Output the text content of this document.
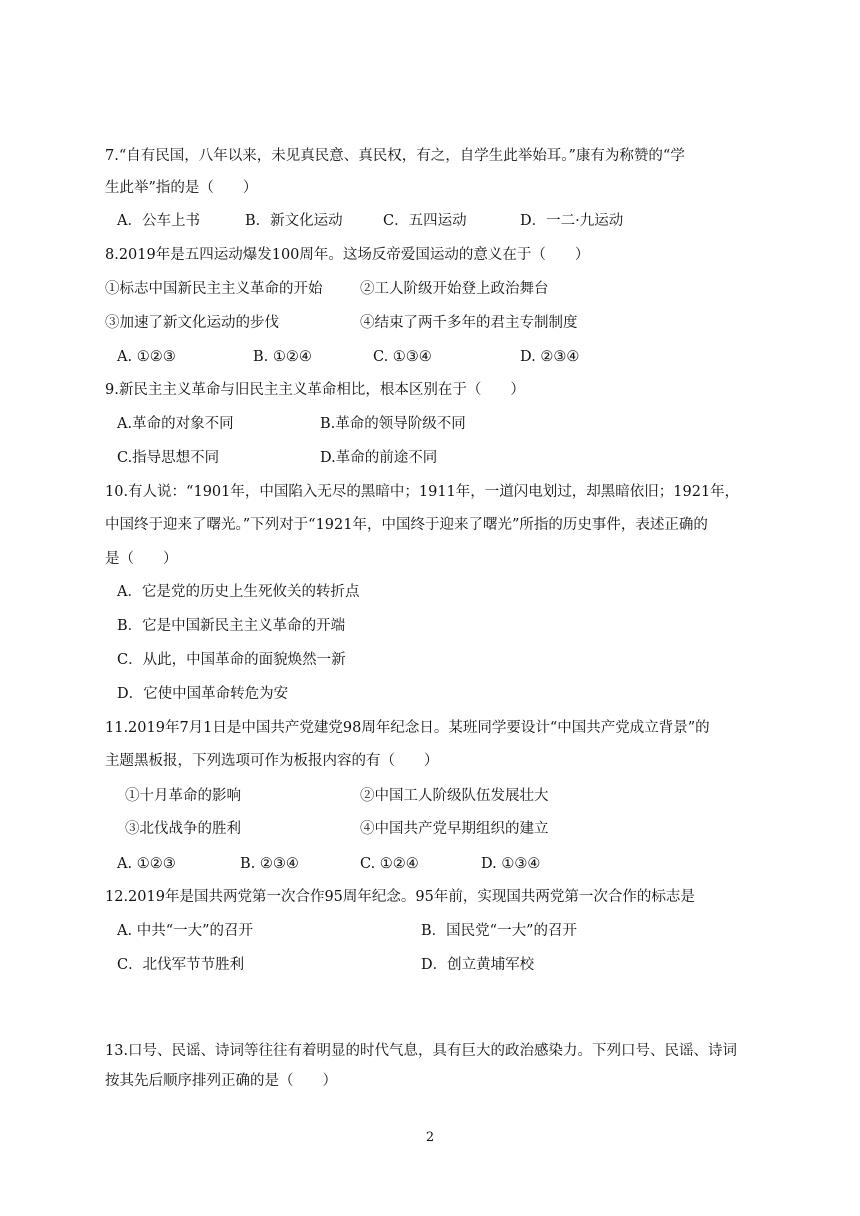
7.“自有民国，八年以来，未见真民意、真民权，有之，自学生此举始耳。”康有为称赞的“学
生此举”指的是（　　）
A．公车上书	B．新文化运动	C．五四运动	D．一二·九运动
8.2019年是五四运动爆发100周年。这场反帝爱国运动的意义在于（　　）
①标志中国新民主主义革命的开始	②工人阶级开始登上政治舞台
③加速了新文化运动的步伐	④结束了两千多年的君主专制制度
A. ①②③	B. ①②④	C. ①③④	D. ②③④
9.新民主主义革命与旧民主主义革命相比，根本区别在于（　　）
A.革命的对象不同	B.革命的领导阶级不同
C.指导思想不同	D.革命的前途不同
10.有人说：“1901年，中国陷入无尽的黑暗中；1911年，一道闪电划过，却黑暗依旧；1921年，
中国终于迎来了曙光。”下列对于“1921年，中国终于迎来了曙光”所指的历史事件，表述正确的
是（　　）
A．它是党的历史上生死攸关的转折点
B．它是中国新民主主义革命的开端
C．从此，中国革命的面貌焕然一新
D．它使中国革命转危为安
11.2019年7月1日是中国共产党建党98周年纪念日。某班同学要设计“中国共产党成立背景”的
主题黑板报，下列选项可作为板报内容的有（　　）
①十月革命的影响	②中国工人阶级队伍发展壮大
③北伐战争的胜利	④中国共产党早期组织的建立
A. ①②③	B. ②③④	C. ①②④	D. ①③④
12.2019年是国共两党第一次合作95周年纪念。95年前，实现国共两党第一次合作的标志是
A. 中共“一大”的召开	B．国民党“一大”的召开
C．北伐军节节胜利	D．创立黄埔军校
13.口号、民谣、诗词等往往有着明显的时代气息，具有巨大的政治感染力。下列口号、民谣、诗词
按其先后顺序排列正确的是（　　）
2
